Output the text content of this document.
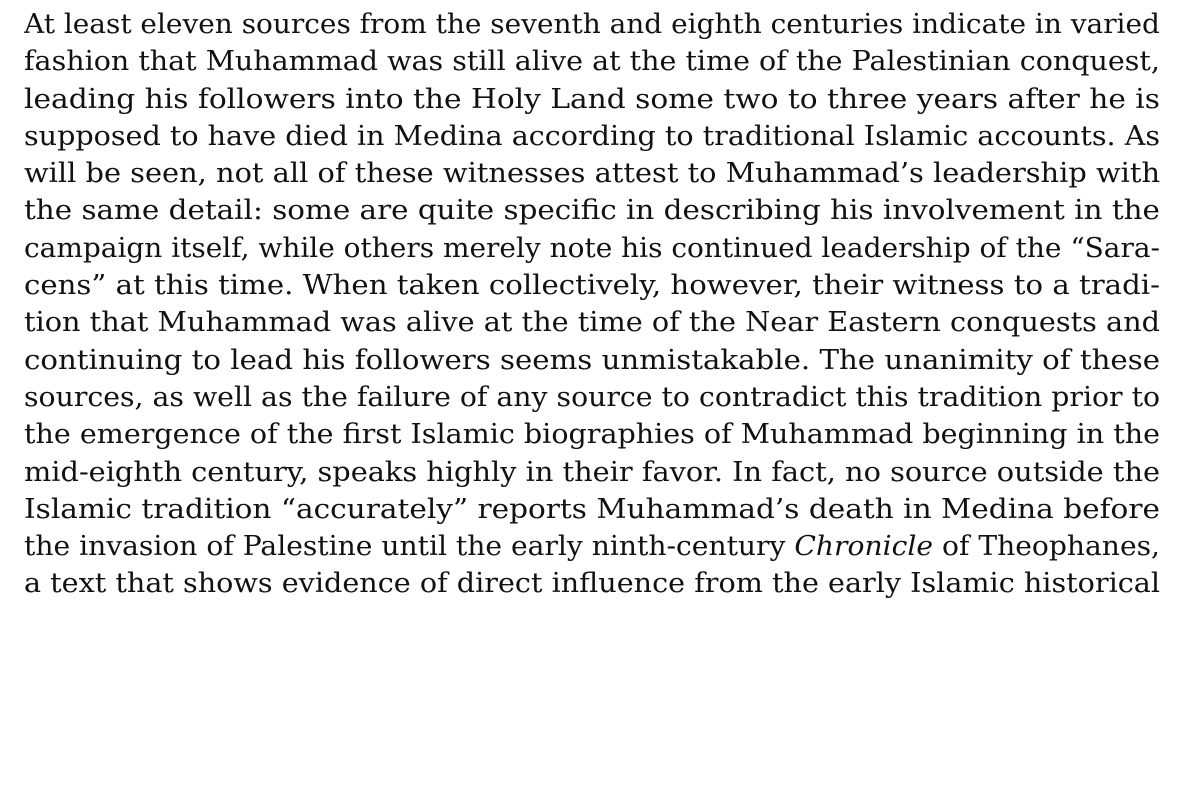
At least eleven sources from the seventh and eighth centuries indicate in varied
fashion that Muhammad was still alive at the time of the Palestinian conquest,
leading his followers into the Holy Land some two to three years after he is
supposed to have died in Medina according to traditional Islamic accounts. As
will be seen, not all of these witnesses attest to Muhammad’s leadership with
the same detail: some are quite specific in describing his involvement in the
campaign itself, while others merely note his continued leadership of the “Sara-
cens” at this time. When taken collectively, however, their witness to a tradi-
tion that Muhammad was alive at the time of the Near Eastern conquests and
continuing to lead his followers seems unmistakable. The unanimity of these
sources, as well as the failure of any source to contradict this tradition prior to
the emergence of the first Islamic biographies of Muhammad beginning in the
mid-eighth century, speaks highly in their favor. In fact, no source outside the
Islamic tradition “accurately” reports Muhammad’s death in Medina before
the invasion of Palestine until the early ninth-century Chronicle of Theophanes,
a text that shows evidence of direct influence from the early Islamic historical
